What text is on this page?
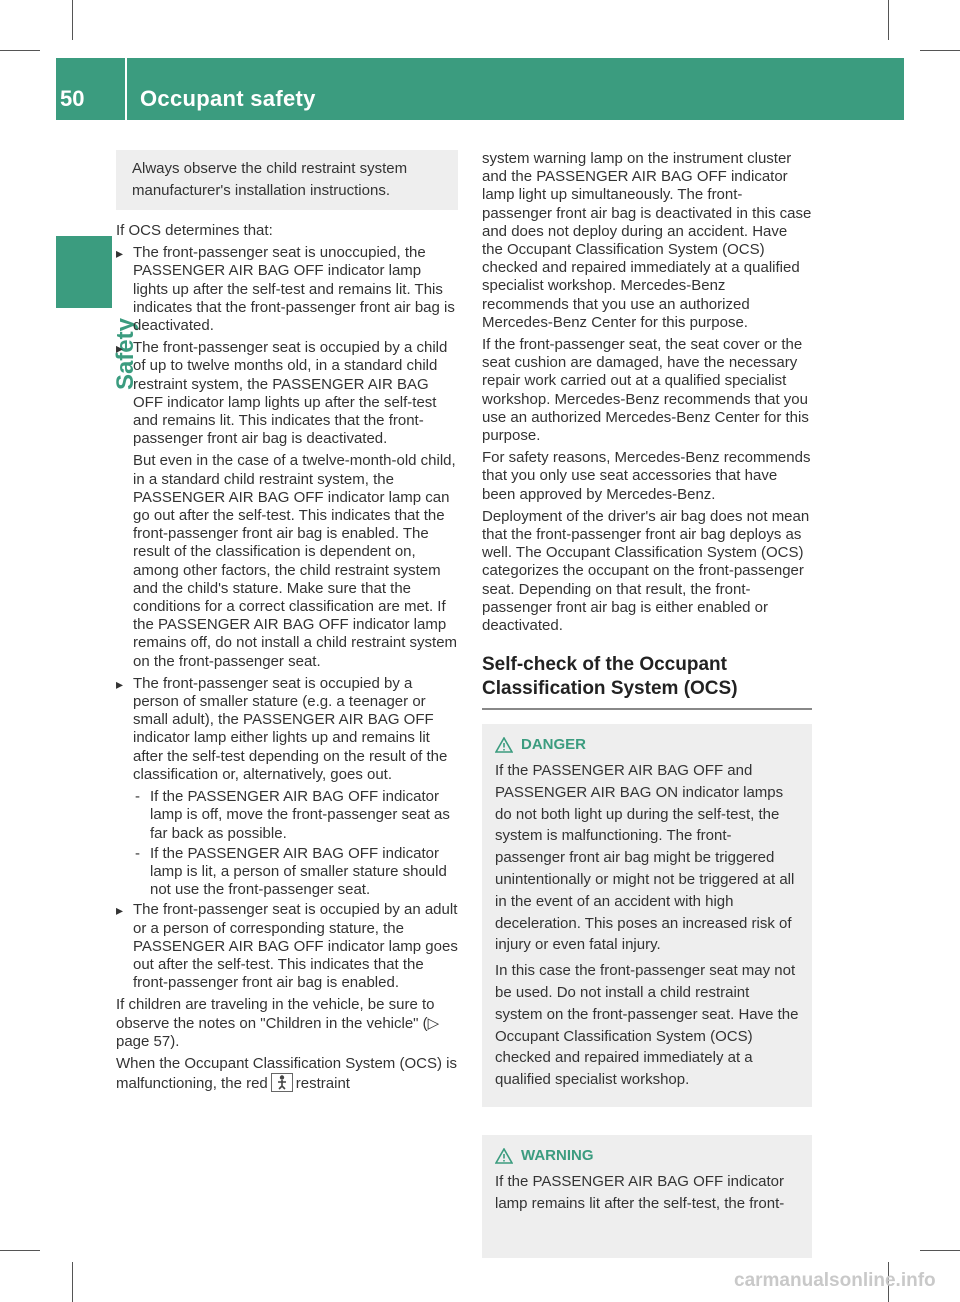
50	Occupant safety
Safety
Always observe the child restraint system manufacturer's installation instructions.

If OCS determines that:

▸ The front-passenger seat is unoccupied, the PASSENGER AIR BAG OFF indicator lamp lights up after the self-test and remains lit. This indicates that the front-passenger front air bag is deactivated.

▸ The front-passenger seat is occupied by a child of up to twelve months old, in a standard child restraint system, the PASSENGER AIR BAG OFF indicator lamp lights up after the self-test and remains lit. This indicates that the front-passenger front air bag is deactivated.

But even in the case of a twelve-month-old child, in a standard child restraint system, the PASSENGER AIR BAG OFF indicator lamp can go out after the self-test. This indicates that the front-passenger front air bag is enabled. The result of the classification is dependent on, among other factors, the child restraint system and the child's stature. Make sure that the conditions for a correct classification are met. If the PASSENGER AIR BAG OFF indicator lamp remains off, do not install a child restraint system on the front-passenger seat.

▸ The front-passenger seat is occupied by a person of smaller stature (e.g. a teenager or small adult), the PASSENGER AIR BAG OFF indicator lamp either lights up and remains lit after the self-test depending on the result of the classification or, alternatively, goes out.

- If the PASSENGER AIR BAG OFF indicator lamp is off, move the front-passenger seat as far back as possible.
- If the PASSENGER AIR BAG OFF indicator lamp is lit, a person of smaller stature should not use the front-passenger seat.

▸ The front-passenger seat is occupied by an adult or a person of corresponding stature, the PASSENGER AIR BAG OFF indicator lamp goes out after the self-test. This indicates that the front-passenger front air bag is enabled.

If children are traveling in the vehicle, be sure to observe the notes on "Children in the vehicle" (▷ page 57).

When the Occupant Classification System (OCS) is malfunctioning, the red restraint

system warning lamp on the instrument cluster and the PASSENGER AIR BAG OFF indicator lamp light up simultaneously. The front-passenger front air bag is deactivated in this case and does not deploy during an accident. Have the Occupant Classification System (OCS) checked and repaired immediately at a qualified specialist workshop. Mercedes-Benz recommends that you use an authorized Mercedes-Benz Center for this purpose.

If the front-passenger seat, the seat cover or the seat cushion are damaged, have the necessary repair work carried out at a qualified specialist workshop. Mercedes-Benz recommends that you use an authorized Mercedes-Benz Center for this purpose.

For safety reasons, Mercedes-Benz recommends that you only use seat accessories that have been approved by Mercedes-Benz.

Deployment of the driver's air bag does not mean that the front-passenger front air bag deploys as well. The Occupant Classification System (OCS) categorizes the occupant on the front-passenger seat. Depending on that result, the front-passenger front air bag is either enabled or deactivated.

Self-check of the Occupant Classification System (OCS)
DANGER

If the PASSENGER AIR BAG OFF and PASSENGER AIR BAG ON indicator lamps do not both light up during the self-test, the system is malfunctioning. The front-passenger front air bag might be triggered unintentionally or might not be triggered at all in the event of an accident with high deceleration. This poses an increased risk of injury or even fatal injury.

In this case the front-passenger seat may not be used. Do not install a child restraint system on the front-passenger seat. Have the Occupant Classification System (OCS) checked and repaired immediately at a qualified specialist workshop.

WARNING

If the PASSENGER AIR BAG OFF indicator lamp remains lit after the self-test, the front-

carmanualsonline.info
